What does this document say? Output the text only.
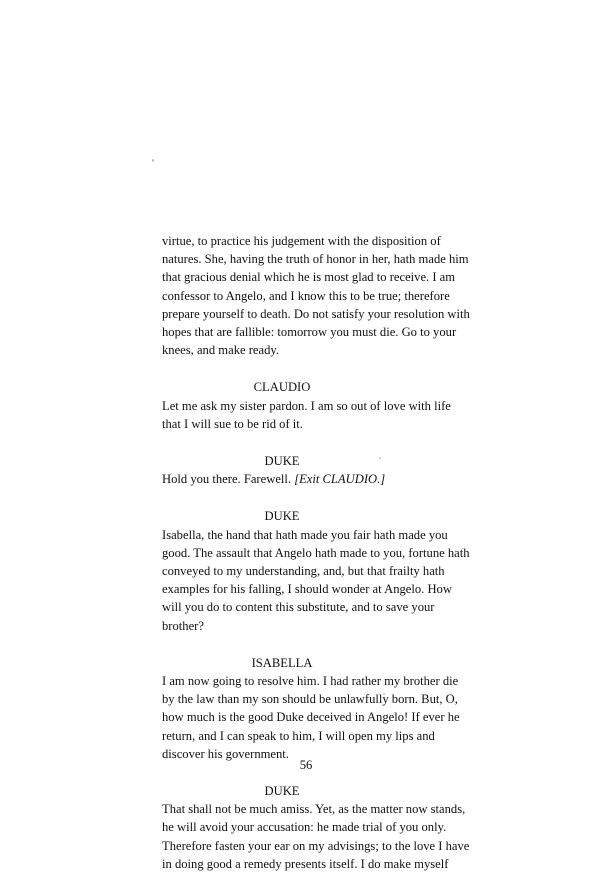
virtue, to practice his judgement with the disposition of
natures. She, having the truth of honor in her, hath made him
that gracious denial which he is most glad to receive. I am
confessor to Angelo, and I know this to be true; therefore
prepare yourself to death. Do not satisfy your resolution with
hopes that are fallible: tomorrow you must die. Go to your
knees, and make ready.
CLAUDIO
Let me ask my sister pardon. I am so out of love with life
that I will sue to be rid of it.
DUKE
Hold you there. Farewell. [Exit CLAUDIO.]
DUKE
Isabella, the hand that hath made you fair hath made you
good. The assault that Angelo hath made to you, fortune hath
conveyed to my understanding, and, but that frailty hath
examples for his falling, I should wonder at Angelo. How
will you do to content this substitute, and to save your
brother?
ISABELLA
I am now going to resolve him. I had rather my brother die
by the law than my son should be unlawfully born. But, O,
how much is the good Duke deceived in Angelo! If ever he
return, and I can speak to him, I will open my lips and
discover his government.
DUKE
That shall not be much amiss. Yet, as the matter now stands,
he will avoid your accusation: he made trial of you only.
Therefore fasten your ear on my advisings; to the love I have
in doing good a remedy presents itself. I do make myself
56
